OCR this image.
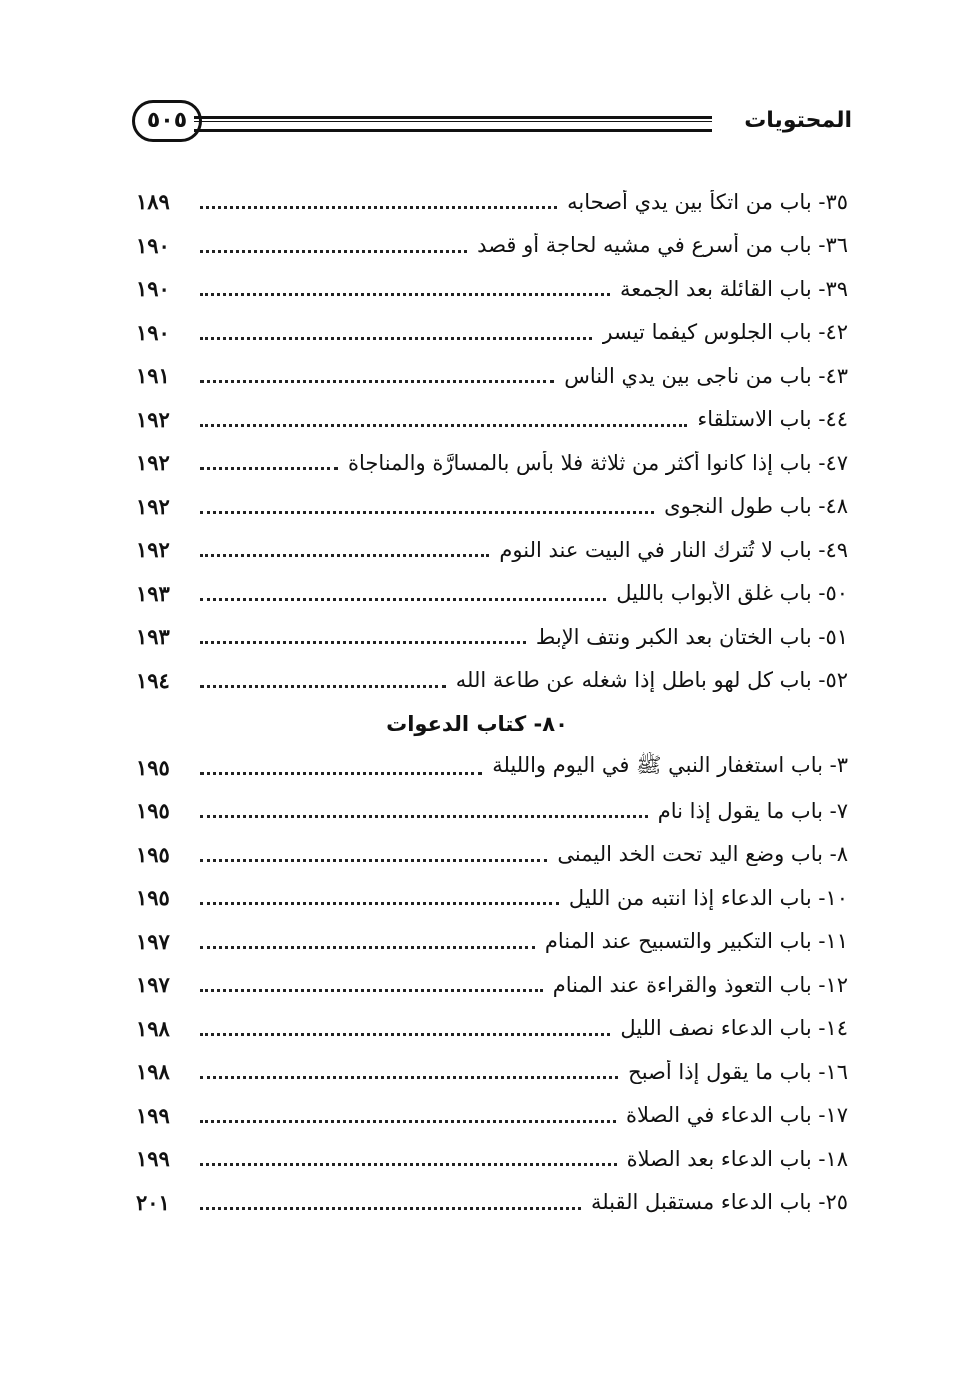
المحتويات
٥٠٥
٣٥- باب من اتكأ بين يدي أصحابه
١٨٩
٣٦- باب من أسرع في مشيه لحاجة أو قصد
١٩٠
٣٩- باب القائلة بعد الجمعة
١٩٠
٤٢- باب الجلوس كيفما تيسر
١٩٠
٤٣- باب من ناجى بين يدي الناس
١٩١
٤٤- باب الاستلقاء
١٩٢
٤٧- باب إذا كانوا أكثر من ثلاثة فلا بأس بالمسارَّة والمناجاة
١٩٢
٤٨- باب طول النجوى
١٩٢
٤٩- باب لا تُترك النار في البيت عند النوم
١٩٢
٥٠- باب غلق الأبواب بالليل
١٩٣
٥١- باب الختان بعد الكبر ونتف الإبط
١٩٣
٥٢- باب كل لهو باطل إذا شغله عن طاعة الله
١٩٤
٨٠- كتاب الدعوات
٣- باب استغفار النبي ﷺ في اليوم والليلة
١٩٥
٧- باب ما يقول إذا نام
١٩٥
٨- باب وضع اليد تحت الخد اليمنى
١٩٥
١٠- باب الدعاء إذا انتبه من الليل
١٩٥
١١- باب التكبير والتسبيح عند المنام
١٩٧
١٢- باب التعوذ والقراءة عند المنام
١٩٧
١٤- باب الدعاء نصف الليل
١٩٨
١٦- باب ما يقول إذا أصبح
١٩٨
١٧- باب الدعاء في الصلاة
١٩٩
١٨- باب الدعاء بعد الصلاة
١٩٩
٢٥- باب الدعاء مستقبل القبلة
٢٠١
